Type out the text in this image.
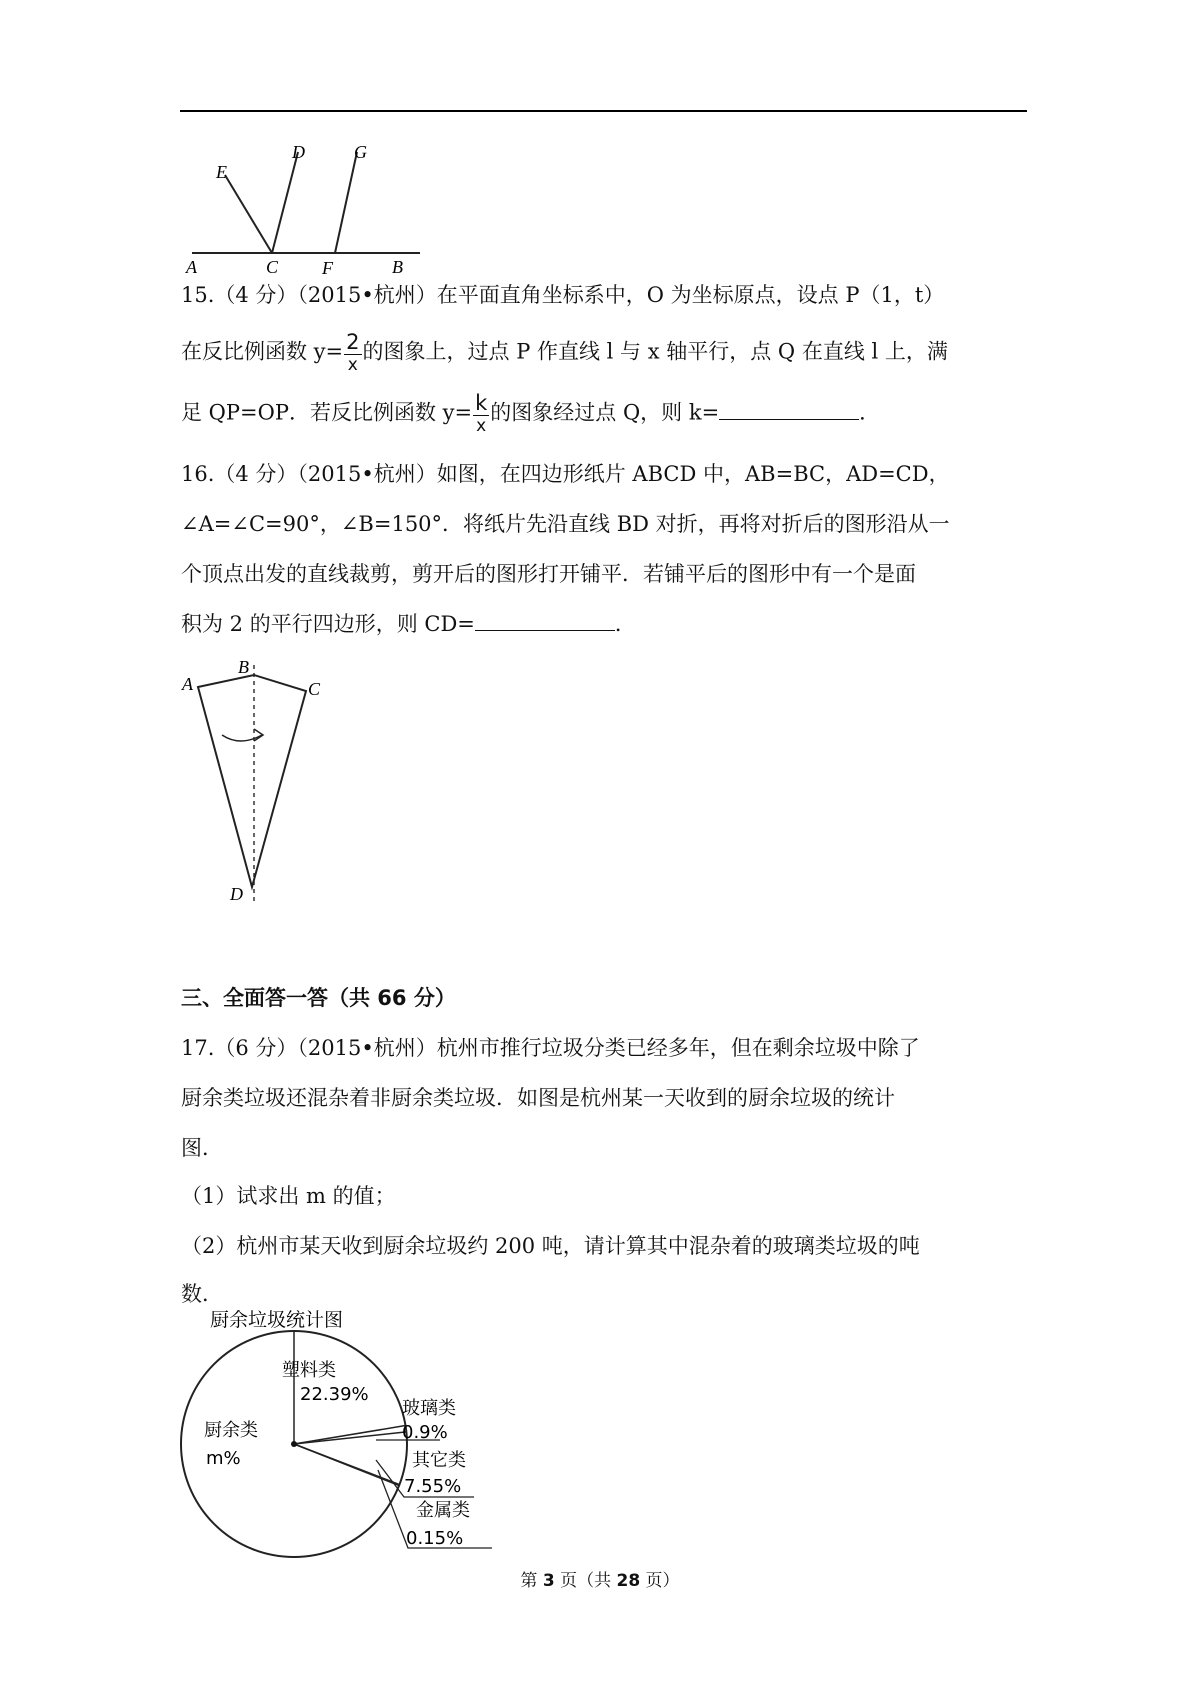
A	C F	B
D
E
G
15.（4 分）（2015•杭州）在平面直角坐标系中，O 为坐标原点，设点 P（1，t）
在反比例函数 $y= \frac{2}{x}$ 的图象上，过点 P 作直线 l 与 x 轴平行，点 Q 在直线 l 上，满
足 QP=OP．若反比例函数 $y= \frac{k}{x}$ 的图象经过点 Q，则 k=	．
16.（4 分）（2015•杭州）如图，在四边形纸片 ABCD 中，AB=BC，AD=CD，
∠A=∠C=90°，∠B=150°．将纸片先沿直线 BD 对折，再将对折后的图形沿从一
个顶点出发的直线裁剪，剪开后的图形打开铺平．若铺平后的图形中有一个是面
积为 2 的平行四边形，则 CD=	．
A
B
C
D
三、全面答一答（共 66 分）
17.（6 分）（2015•杭州）杭州市推行垃圾分类已经多年，但在剩余垃圾中除了
厨余类垃圾还混杂着非厨余类垃圾．如图是杭州某一天收到的厨余垃圾的统计
图．
（1）试求出 m 的值；
（2）杭州市某天收到厨余垃圾约 200 吨，请计算其中混杂着的玻璃类垃圾的吨
数．
厨余垃圾统计图
塑料类
22.39%
玻璃类
0.9%
其它类
7.55%
金属类
0.15%
厨余类
m%
第 3 页（共 28 页）
